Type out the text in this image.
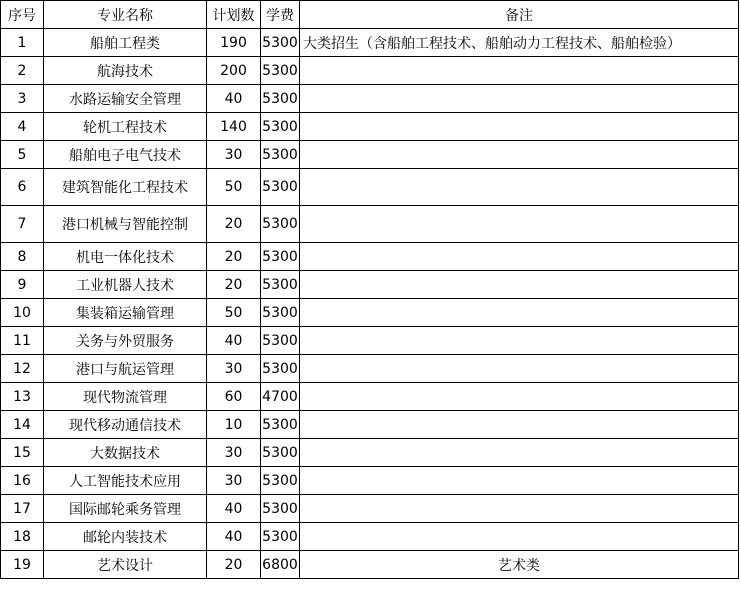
序号	专业名称	计划数	学费	备注
1	船舶工程类	190	5300	大类招生（含船舶工程技术、船舶动力工程技术、船舶检验）
2	航海技术	200	5300	
3	水路运输安全管理	40	5300	
4	轮机工程技术	140	5300	
5	船舶电子电气技术	30	5300	
6	建筑智能化工程技术	50	5300	
7	港口机械与智能控制	20	5300	
8	机电一体化技术	20	5300	
9	工业机器人技术	20	5300	
10	集装箱运输管理	50	5300	
11	关务与外贸服务	40	5300	
12	港口与航运管理	30	5300	
13	现代物流管理	60	4700	
14	现代移动通信技术	10	5300	
15	大数据技术	30	5300	
16	人工智能技术应用	30	5300	
17	国际邮轮乘务管理	40	5300	
18	邮轮内装技术	40	5300	
19	艺术设计	20	6800	艺术类
